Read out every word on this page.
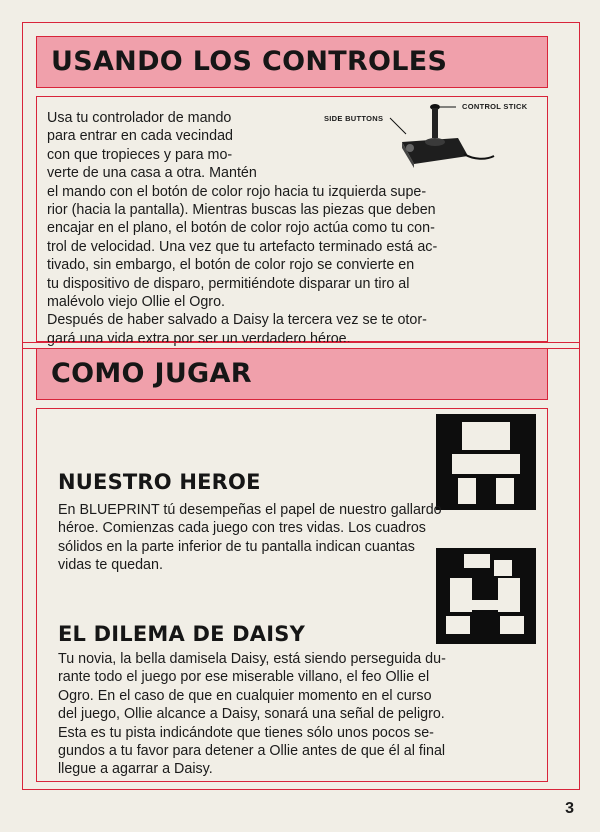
USANDO LOS CONTROLES

SIDE BUTTONS

CONTROL STICK

Usa tu controlador de mando
para entrar en cada vecindad
con que tropieces y para mo-
verte de una casa a otra. Mantén
el mando con el botón de color rojo hacia tu izquierda supe-
rior (hacia la pantalla). Mientras buscas las piezas que deben
encajar en el plano, el botón de color rojo actúa como tu con-
trol de velocidad. Una vez que tu artefacto terminado está ac-
tivado, sin embargo, el botón de color rojo se convierte en
tu dispositivo de disparo, permitiéndote disparar un tiro al
malévolo viejo Ollie el Ogro.
Después de haber salvado a Daisy la tercera vez se te otor-
gará una vida extra por ser un verdadero héroe.
COMO JUGAR
NUESTRO HEROE
En BLUEPRINT tú desempeñas el papel de nuestro gallardo
héroe. Comienzas cada juego con tres vidas. Los cuadros
sólidos en la parte inferior de tu pantalla indican cuantas
vidas te quedan.
EL DILEMA DE DAISY
Tu novia, la bella damisela Daisy, está siendo perseguida du-
rante todo el juego por ese miserable villano, el feo Ollie el
Ogro. En el caso de que en cualquier momento en el curso
del juego, Ollie alcance a Daisy, sonará una señal de peligro.
Esta es tu pista indicándote que tienes sólo unos pocos se-
gundos a tu favor para detener a Ollie antes de que él al final
llegue a agarrar a Daisy.

3
